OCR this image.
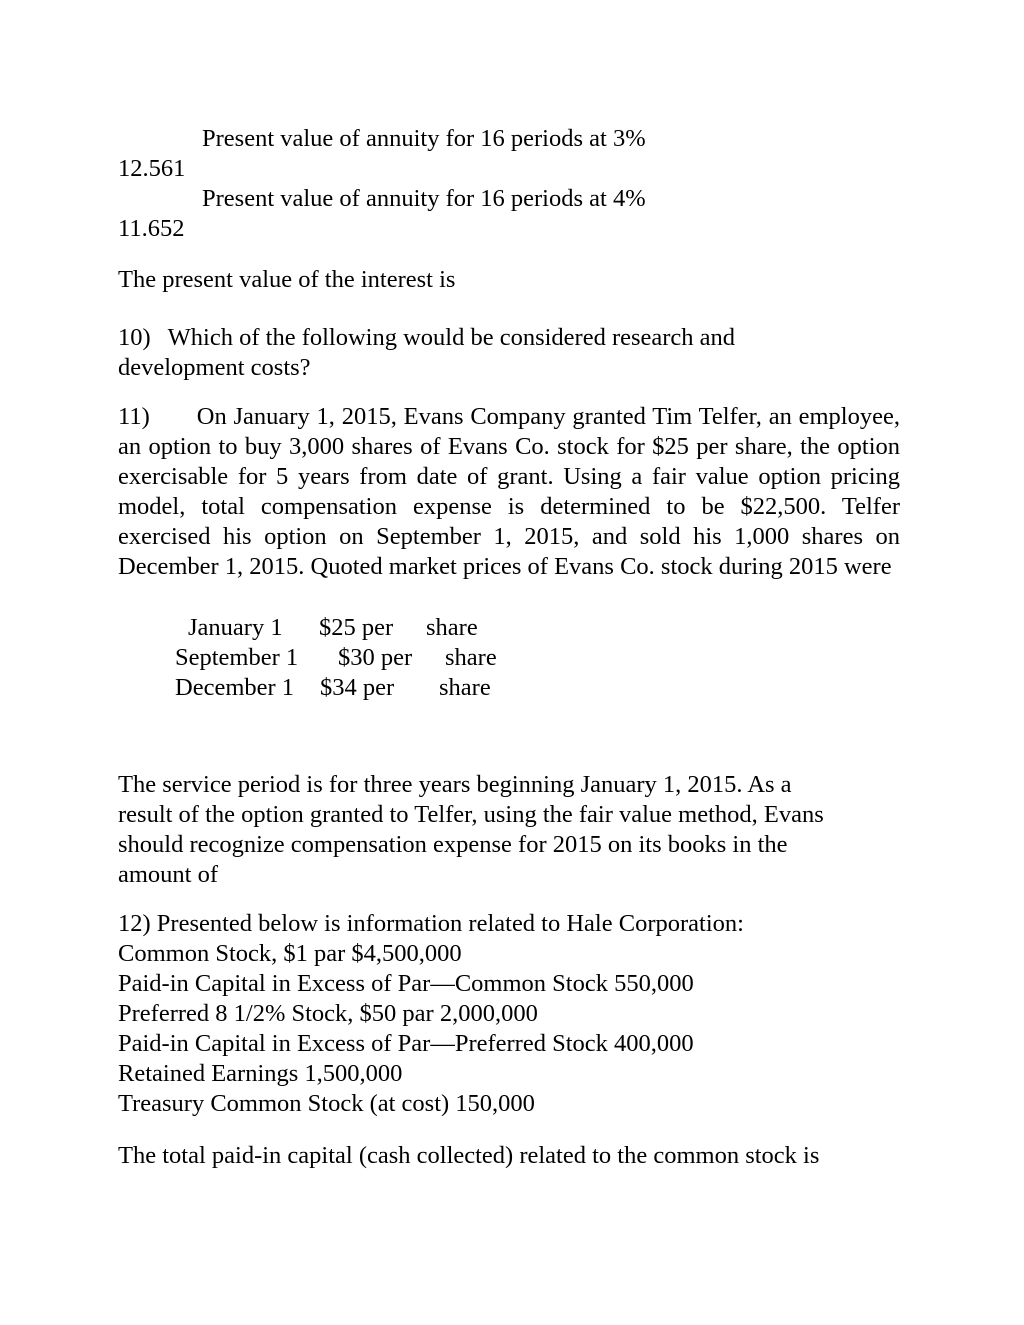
Present value of annuity for 16 periods at 3%
12.561
Present value of annuity for 16 periods at 4%
11.652
The present value of the interest is
10) Which of the following would be considered research and
development costs?
11) On January 1, 2015, Evans Company granted Tim Telfer, an employee, an option to buy 3,000 shares of Evans Co. stock for $25 per share, the option exercisable for 5 years from date of grant. Using a fair value option pricing model, total compensation expense is determined to be $22,500. Telfer exercised his option on September 1, 2015, and sold his 1,000 shares on December 1, 2015. Quoted market prices of Evans Co. stock during 2015 were
January 1 $25 per share
September 1 $30 per share
December 1 $34 per share
The service period is for three years beginning January 1, 2015. As a
result of the option granted to Telfer, using the fair value method, Evans
should recognize compensation expense for 2015 on its books in the
amount of
12) Presented below is information related to Hale Corporation:
Common Stock, $1 par $4,500,000
Paid-in Capital in Excess of Par—Common Stock 550,000
Preferred 8 1/2% Stock, $50 par 2,000,000
Paid-in Capital in Excess of Par—Preferred Stock 400,000
Retained Earnings 1,500,000
Treasury Common Stock (at cost) 150,000
The total paid-in capital (cash collected) related to the common stock is
